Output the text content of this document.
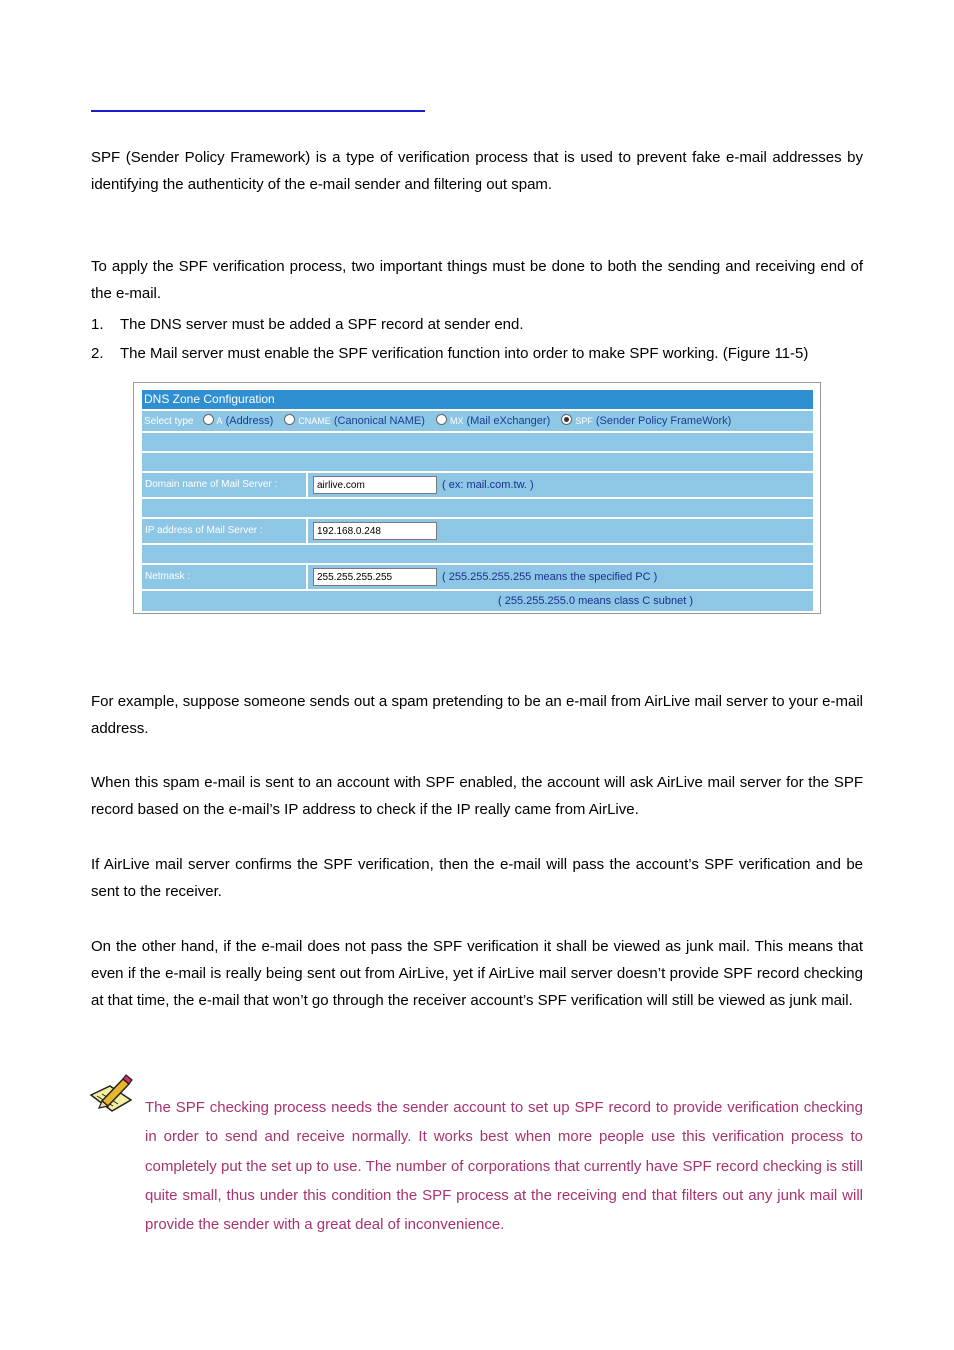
SPF (Sender Policy Framework) is a type of verification process that is used to prevent fake e-mail addresses by identifying the authenticity of the e-mail sender and filtering out spam.

To apply the SPF verification process, two important things must be done to both the sending and receiving end of the e-mail.

1. The DNS server must be added a SPF record at sender end.
2. The Mail server must enable the SPF verification function into order to make SPF working. (Figure 11-5)
DNS Zone Configuration
Select type	A (Address)	CNAME (Canonical NAME)	MX (Mail eXchanger)	SPF (Sender Policy FrameWork)
Domain name of Mail Server :
airlive.com	( ex: mail.com.tw. )
IP address of Mail Server :
192.168.0.248
Netmask :
255.255.255.255	( 255.255.255.255 means the specified PC )
( 255.255.255.0 means class C subnet )

For example, suppose someone sends out a spam pretending to be an e-mail from AirLive mail server to your e-mail address.

When this spam e-mail is sent to an account with SPF enabled, the account will ask AirLive mail server for the SPF record based on the e-mail’s IP address to check if the IP really came from AirLive.

If AirLive mail server confirms the SPF verification, then the e-mail will pass the account’s SPF verification and be sent to the receiver.

On the other hand, if the e-mail does not pass the SPF verification it shall be viewed as junk mail. This means that even if the e-mail is really being sent out from AirLive, yet if AirLive mail server doesn’t provide SPF record checking at that time, the e-mail that won’t go through the receiver account’s SPF verification will still be viewed as junk mail.

The SPF checking process needs the sender account to set up SPF record to provide verification checking in order to send and receive normally. It works best when more people use this verification process to completely put the set up to use. The number of corporations that currently have SPF record checking is still quite small, thus under this condition the SPF process at the receiving end that filters out any junk mail will provide the sender with a great deal of inconvenience.
